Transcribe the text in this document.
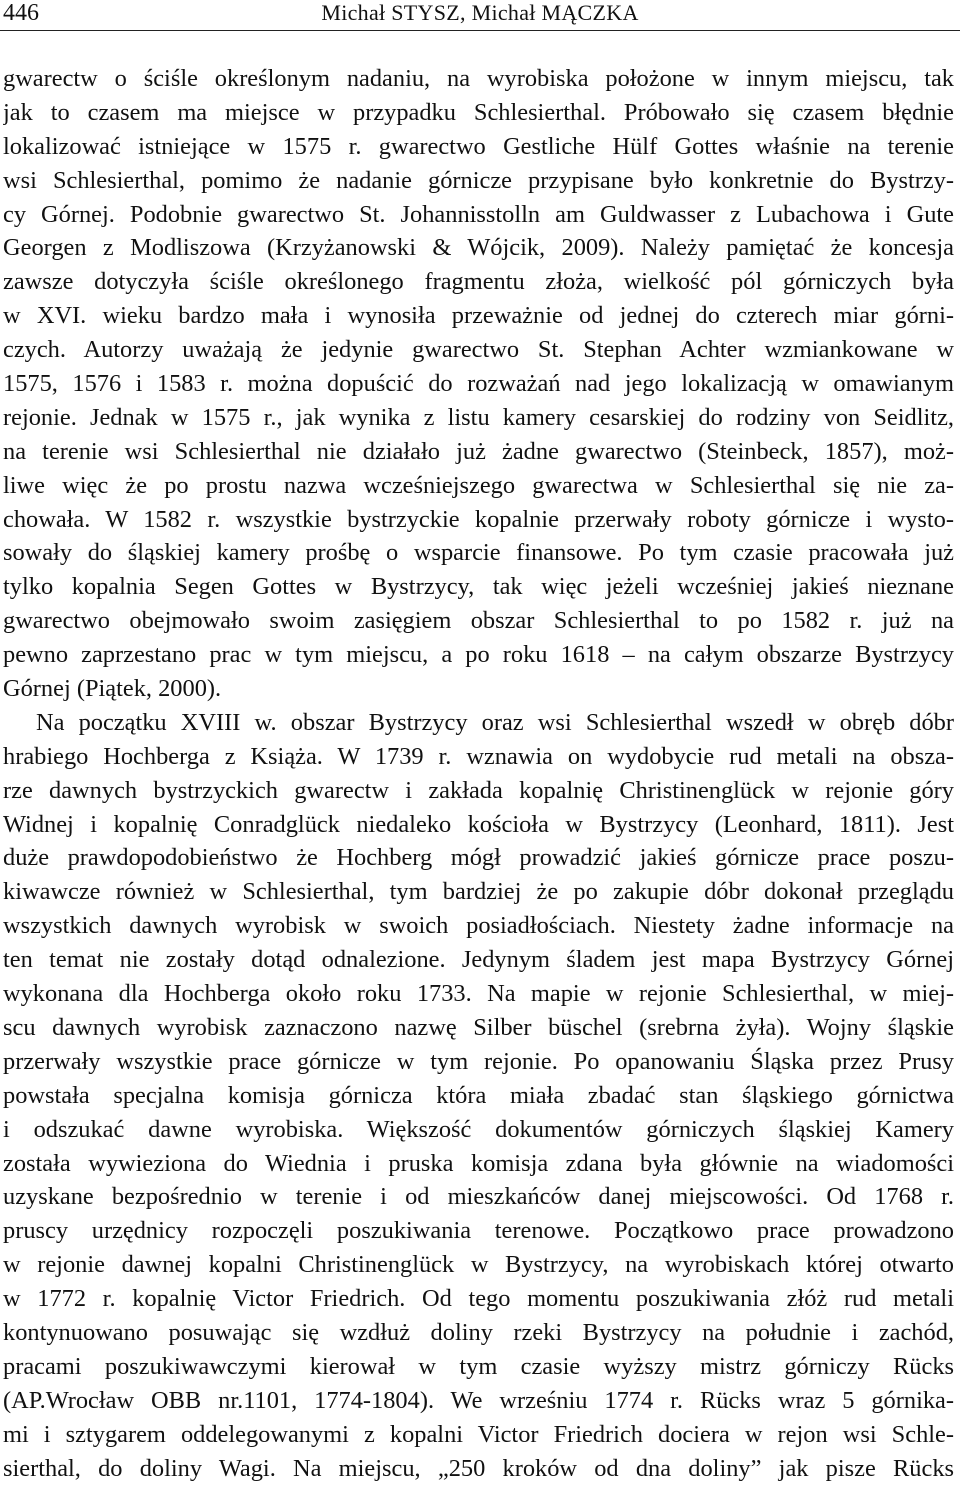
446	Michał STYSZ, Michał MĄCZKA
gwarectw o ściśle określonym nadaniu, na wyrobiska położone w innym miejscu, tak
jak to czasem ma miejsce w przypadku Schlesierthal. Próbowało się czasem błędnie
lokalizować istniejące w 1575 r. gwarectwo Gestliche Hülf Gottes właśnie na terenie
wsi Schlesierthal, pomimo że nadanie górnicze przypisane było konkretnie do Bystrzy-
cy Górnej. Podobnie gwarectwo St. Johannisstolln am Guldwasser z Lubachowa i Gute
Georgen z Modliszowa (Krzyżanowski & Wójcik, 2009). Należy pamiętać że koncesja
zawsze dotyczyła ściśle określonego fragmentu złoża, wielkość pól górniczych była
w XVI. wieku bardzo mała i wynosiła przeważnie od jednej do czterech miar górni-
czych. Autorzy uważają że jedynie gwarectwo St. Stephan Achter wzmiankowane w
1575, 1576 i 1583 r. można dopuścić do rozważań nad jego lokalizacją w omawianym
rejonie. Jednak w 1575 r., jak wynika z listu kamery cesarskiej do rodziny von Seidlitz,
na terenie wsi Schlesierthal nie działało już żadne gwarectwo (Steinbeck, 1857), moż-
liwe więc że po prostu nazwa wcześniejszego gwarectwa w Schlesierthal się nie za-
chowała. W 1582 r. wszystkie bystrzyckie kopalnie przerwały roboty górnicze i wysto-
sowały do śląskiej kamery prośbę o wsparcie finansowe. Po tym czasie pracowała już
tylko kopalnia Segen Gottes w Bystrzycy, tak więc jeżeli wcześniej jakieś nieznane
gwarectwo obejmowało swoim zasięgiem obszar Schlesierthal to po 1582 r. już na
pewno zaprzestano prac w tym miejscu, a po roku 1618 – na całym obszarze Bystrzycy
Górnej (Piątek, 2000).
Na początku XVIII w. obszar Bystrzycy oraz wsi Schlesierthal wszedł w obręb dóbr
hrabiego Hochberga z Książa. W 1739 r. wznawia on wydobycie rud metali na obsza-
rze dawnych bystrzyckich gwarectw i zakłada kopalnię Christinenglück w rejonie góry
Widnej i kopalnię Conradglück niedaleko kościoła w Bystrzycy (Leonhard, 1811). Jest
duże prawdopodobieństwo że Hochberg mógł prowadzić jakieś górnicze prace poszu-
kiwawcze również w Schlesierthal, tym bardziej że po zakupie dóbr dokonał przeglądu
wszystkich dawnych wyrobisk w swoich posiadłościach. Niestety żadne informacje na
ten temat nie zostały dotąd odnalezione. Jedynym śladem jest mapa Bystrzycy Górnej
wykonana dla Hochberga około roku 1733. Na mapie w rejonie Schlesierthal, w miej-
scu dawnych wyrobisk zaznaczono nazwę Silber büschel (srebrna żyła). Wojny śląskie
przerwały wszystkie prace górnicze w tym rejonie. Po opanowaniu Śląska przez Prusy
powstała specjalna komisja górnicza która miała zbadać stan śląskiego górnictwa
i odszukać dawne wyrobiska. Większość dokumentów górniczych śląskiej Kamery
została wywieziona do Wiednia i pruska komisja zdana była głównie na wiadomości
uzyskane bezpośrednio w terenie i od mieszkańców danej miejscowości. Od 1768 r.
pruscy urzędnicy rozpoczęli poszukiwania terenowe. Początkowo prace prowadzono
w rejonie dawnej kopalni Christinenglück w Bystrzycy, na wyrobiskach której otwarto
w 1772 r. kopalnię Victor Friedrich. Od tego momentu poszukiwania złóż rud metali
kontynuowano posuwając się wzdłuż doliny rzeki Bystrzycy na południe i zachód,
pracami poszukiwawczymi kierował w tym czasie wyższy mistrz górniczy Rücks
(AP.Wrocław OBB nr.1101, 1774-1804). We wrześniu 1774 r. Rücks wraz 5 górnika-
mi i sztygarem oddelegowanymi z kopalni Victor Friedrich dociera w rejon wsi Schle-
sierthal, do doliny Wagi. Na miejscu, „250 kroków od dna doliny” jak pisze Rücks
